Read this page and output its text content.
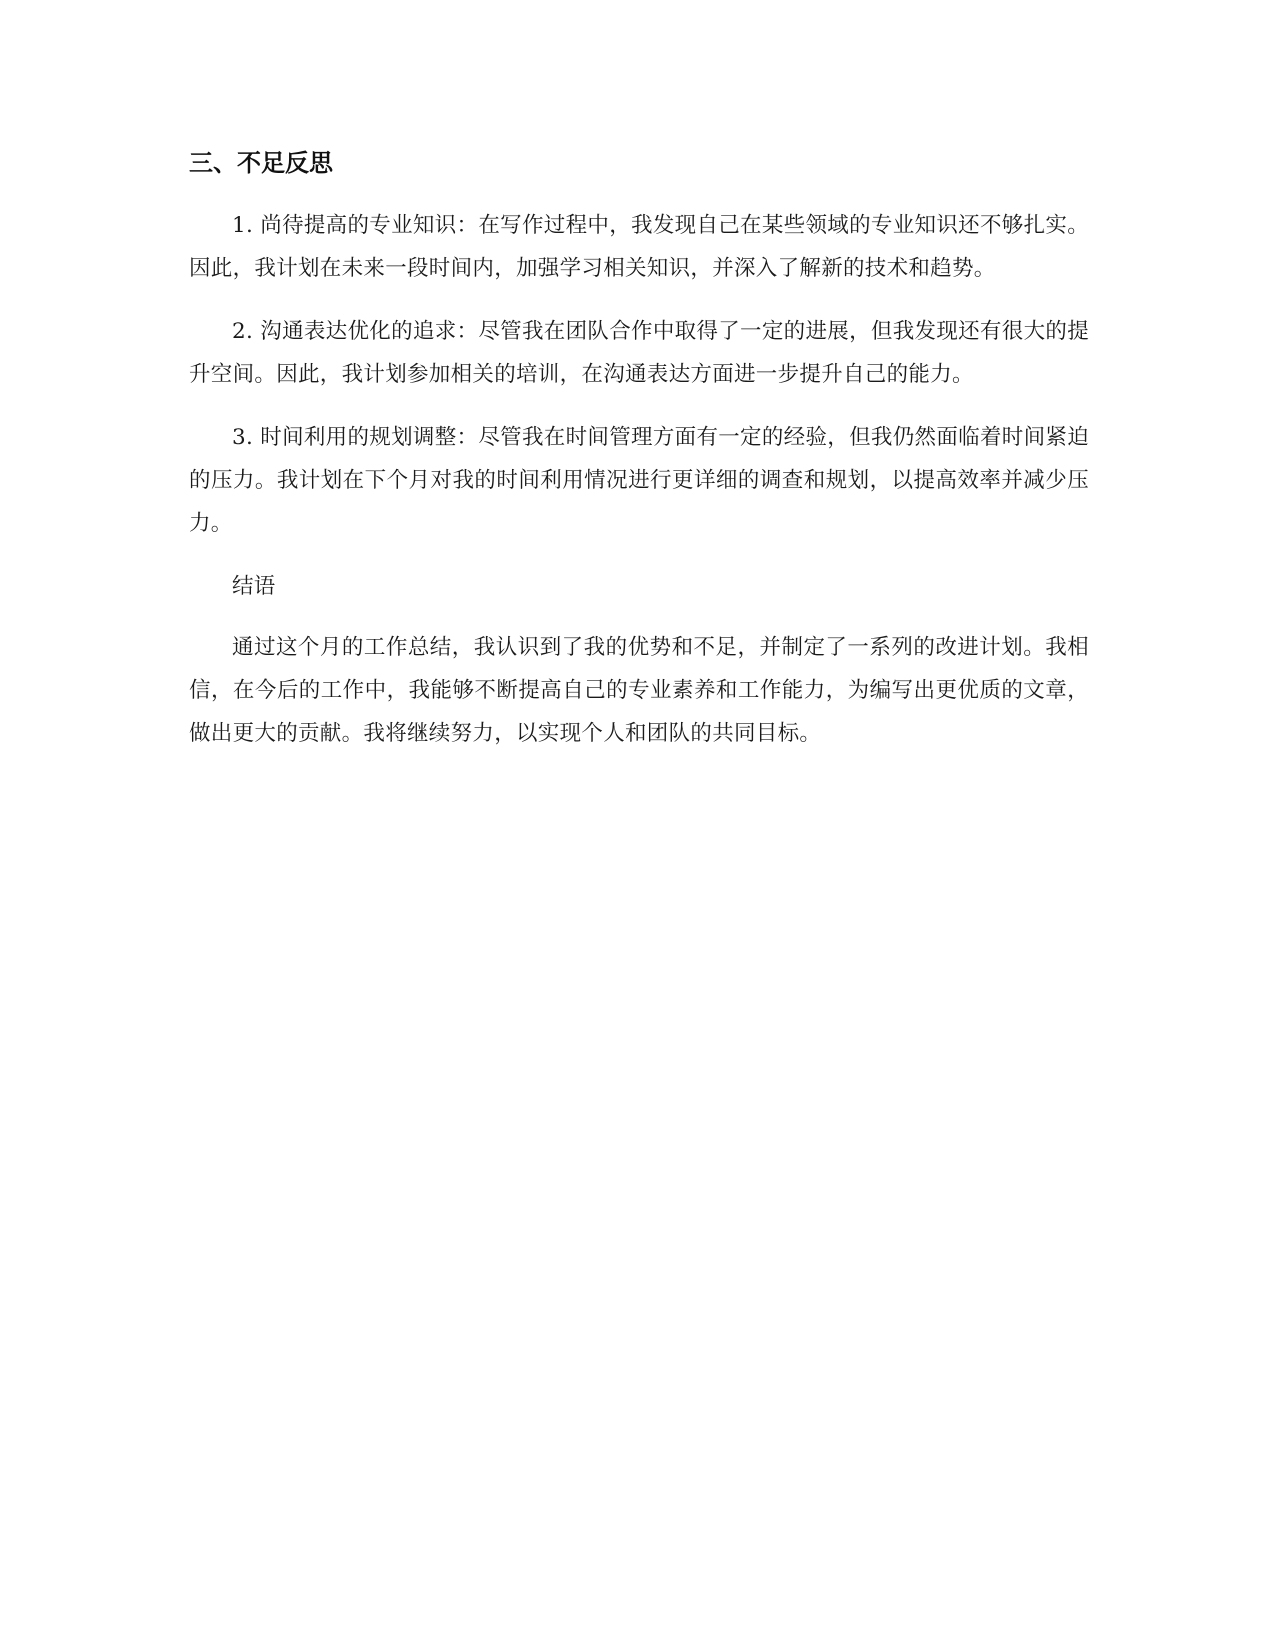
三、不足反思

1. 尚待提高的专业知识：在写作过程中，我发现自己在某些领域的专业知识还不够扎实。因此，我计划在未来一段时间内，加强学习相关知识，并深入了解新的技术和趋势。

2. 沟通表达优化的追求：尽管我在团队合作中取得了一定的进展，但我发现还有很大的提升空间。因此，我计划参加相关的培训，在沟通表达方面进一步提升自己的能力。

3. 时间利用的规划调整：尽管我在时间管理方面有一定的经验，但我仍然面临着时间紧迫的压力。我计划在下个月对我的时间利用情况进行更详细的调查和规划，以提高效率并减少压力。

结语

通过这个月的工作总结，我认识到了我的优势和不足，并制定了一系列的改进计划。我相信，在今后的工作中，我能够不断提高自己的专业素养和工作能力，为编写出更优质的文章，做出更大的贡献。我将继续努力，以实现个人和团队的共同目标。
